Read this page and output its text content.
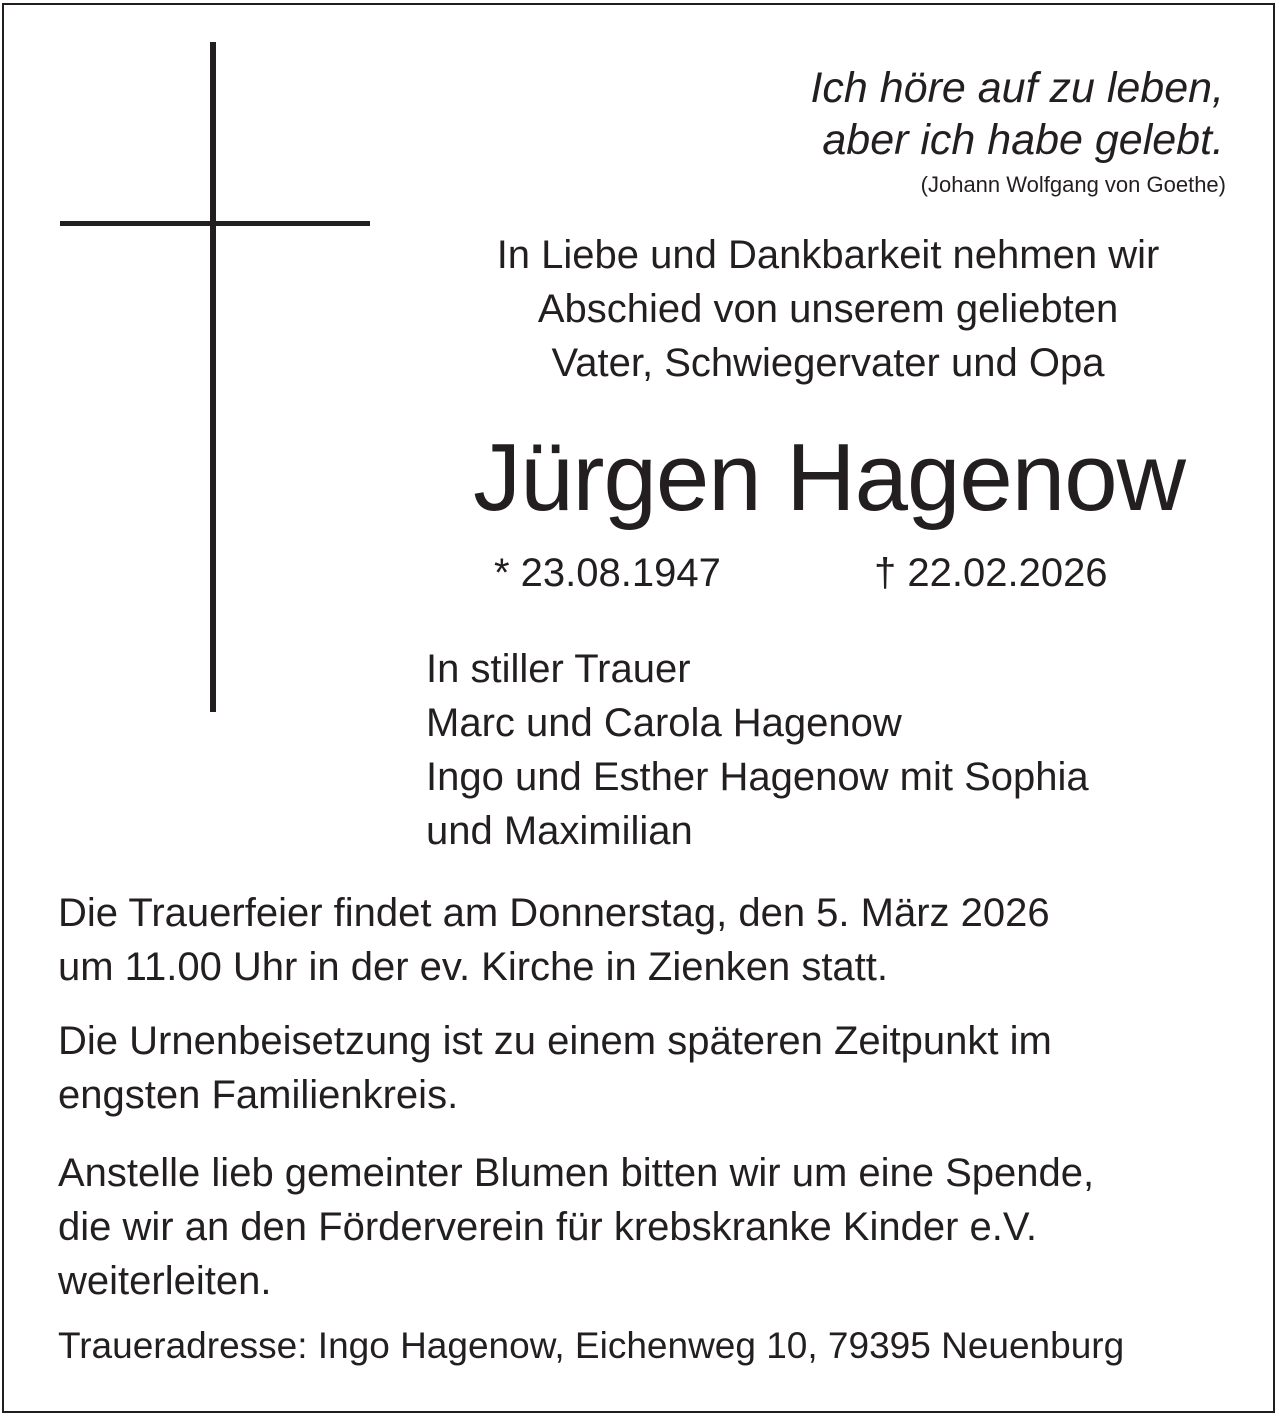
Ich höre auf zu leben,
aber ich habe gelebt.
(Johann Wolfgang von Goethe)
In Liebe und Dankbarkeit nehmen wir
Abschied von unserem geliebten
Vater, Schwiegervater und Opa
Jürgen Hagenow
* 23.08.1947	† 22.02.2026
In stiller Trauer
Marc und Carola Hagenow
Ingo und Esther Hagenow mit Sophia
und Maximilian
Die Trauerfeier findet am Donnerstag, den 5. März 2026
um 11.00 Uhr in der ev. Kirche in Zienken statt.
Die Urnenbeisetzung ist zu einem späteren Zeitpunkt im
engsten Familienkreis.
Anstelle lieb gemeinter Blumen bitten wir um eine Spende,
die wir an den Förderverein für krebskranke Kinder e.V.
weiterleiten.
Traueradresse: Ingo Hagenow, Eichenweg 10, 79395 Neuenburg
